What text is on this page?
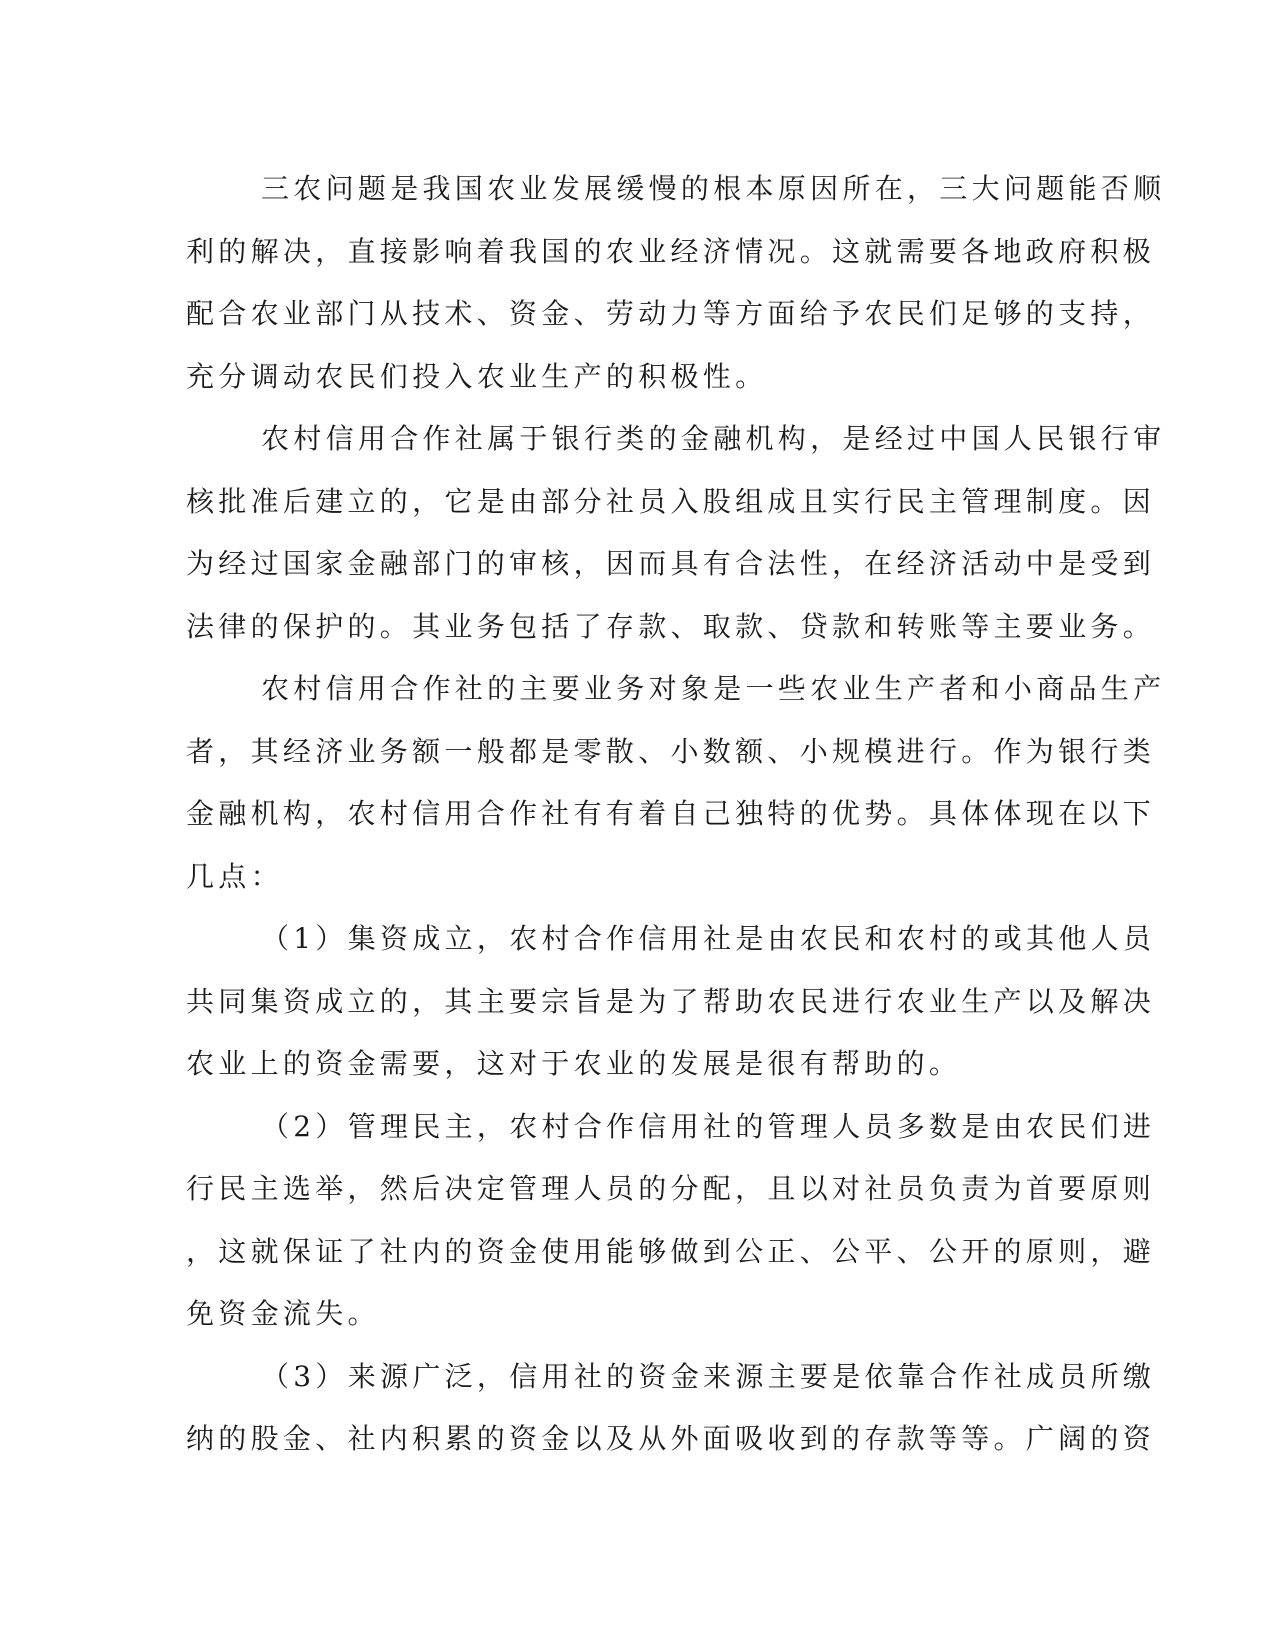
三农问题是我国农业发展缓慢的根本原因所在，三大问题能否顺
利的解决，直接影响着我国的农业经济情况。这就需要各地政府积极
配合农业部门从技术、资金、劳动力等方面给予农民们足够的支持，
充分调动农民们投入农业生产的积极性。

农村信用合作社属于银行类的金融机构，是经过中国人民银行审
核批准后建立的，它是由部分社员入股组成且实行民主管理制度。因
为经过国家金融部门的审核，因而具有合法性，在经济活动中是受到
法律的保护的。其业务包括了存款、取款、贷款和转账等主要业务。

农村信用合作社的主要业务对象是一些农业生产者和小商品生产
者，其经济业务额一般都是零散、小数额、小规模进行。作为银行类
金融机构，农村信用合作社有有着自己独特的优势。具体体现在以下
几点：

（1）集资成立，农村合作信用社是由农民和农村的或其他人员
共同集资成立的，其主要宗旨是为了帮助农民进行农业生产以及解决
农业上的资金需要，这对于农业的发展是很有帮助的。

（2）管理民主，农村合作信用社的管理人员多数是由农民们进
行民主选举，然后决定管理人员的分配，且以对社员负责为首要原则
，这就保证了社内的资金使用能够做到公正、公平、公开的原则，避
免资金流失。

（3）来源广泛，信用社的资金来源主要是依靠合作社成员所缴
纳的股金、社内积累的资金以及从外面吸收到的存款等等。广阔的资
